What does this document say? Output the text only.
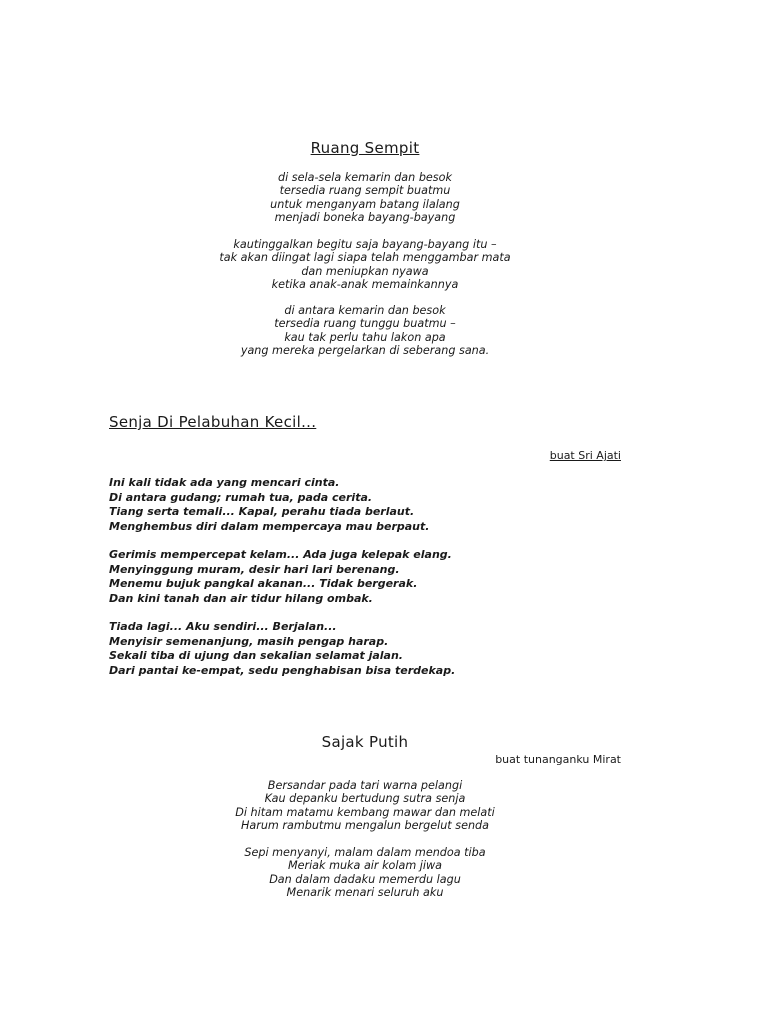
Ruang Sempit
di sela-sela kemarin dan besok
tersedia ruang sempit buatmu
untuk menganyam batang ilalang
menjadi boneka bayang-bayang
kautinggalkan begitu saja bayang-bayang itu –
tak akan diingat lagi siapa telah menggambar mata
dan meniupkan nyawa
ketika anak-anak memainkannya
di antara kemarin dan besok
tersedia ruang tunggu buatmu –
kau tak perlu tahu lakon apa
yang mereka pergelarkan di seberang sana.
Senja Di Pelabuhan Kecil...
buat Sri Ajati
Ini kali tidak ada yang mencari cinta.
Di antara gudang; rumah tua, pada cerita.
Tiang serta temali... Kapal, perahu tiada berlaut.
Menghembus diri dalam mempercaya mau berpaut.
Gerimis mempercepat kelam... Ada juga kelepak elang.
Menyinggung muram, desir hari lari berenang.
Menemu bujuk pangkal akanan... Tidak bergerak.
Dan kini tanah dan air tidur hilang ombak.
Tiada lagi... Aku sendiri... Berjalan...
Menyisir semenanjung, masih pengap harap.
Sekali tiba di ujung dan sekalian selamat jalan.
Dari pantai ke-empat, sedu penghabisan bisa terdekap.
Sajak Putih
buat tunanganku Mirat
Bersandar pada tari warna pelangi
Kau depanku bertudung sutra senja
Di hitam matamu kembang mawar dan melati
Harum rambutmu mengalun bergelut senda
Sepi menyanyi, malam dalam mendoa tiba
Meriak muka air kolam jiwa
Dan dalam dadaku memerdu lagu
Menarik menari seluruh aku
